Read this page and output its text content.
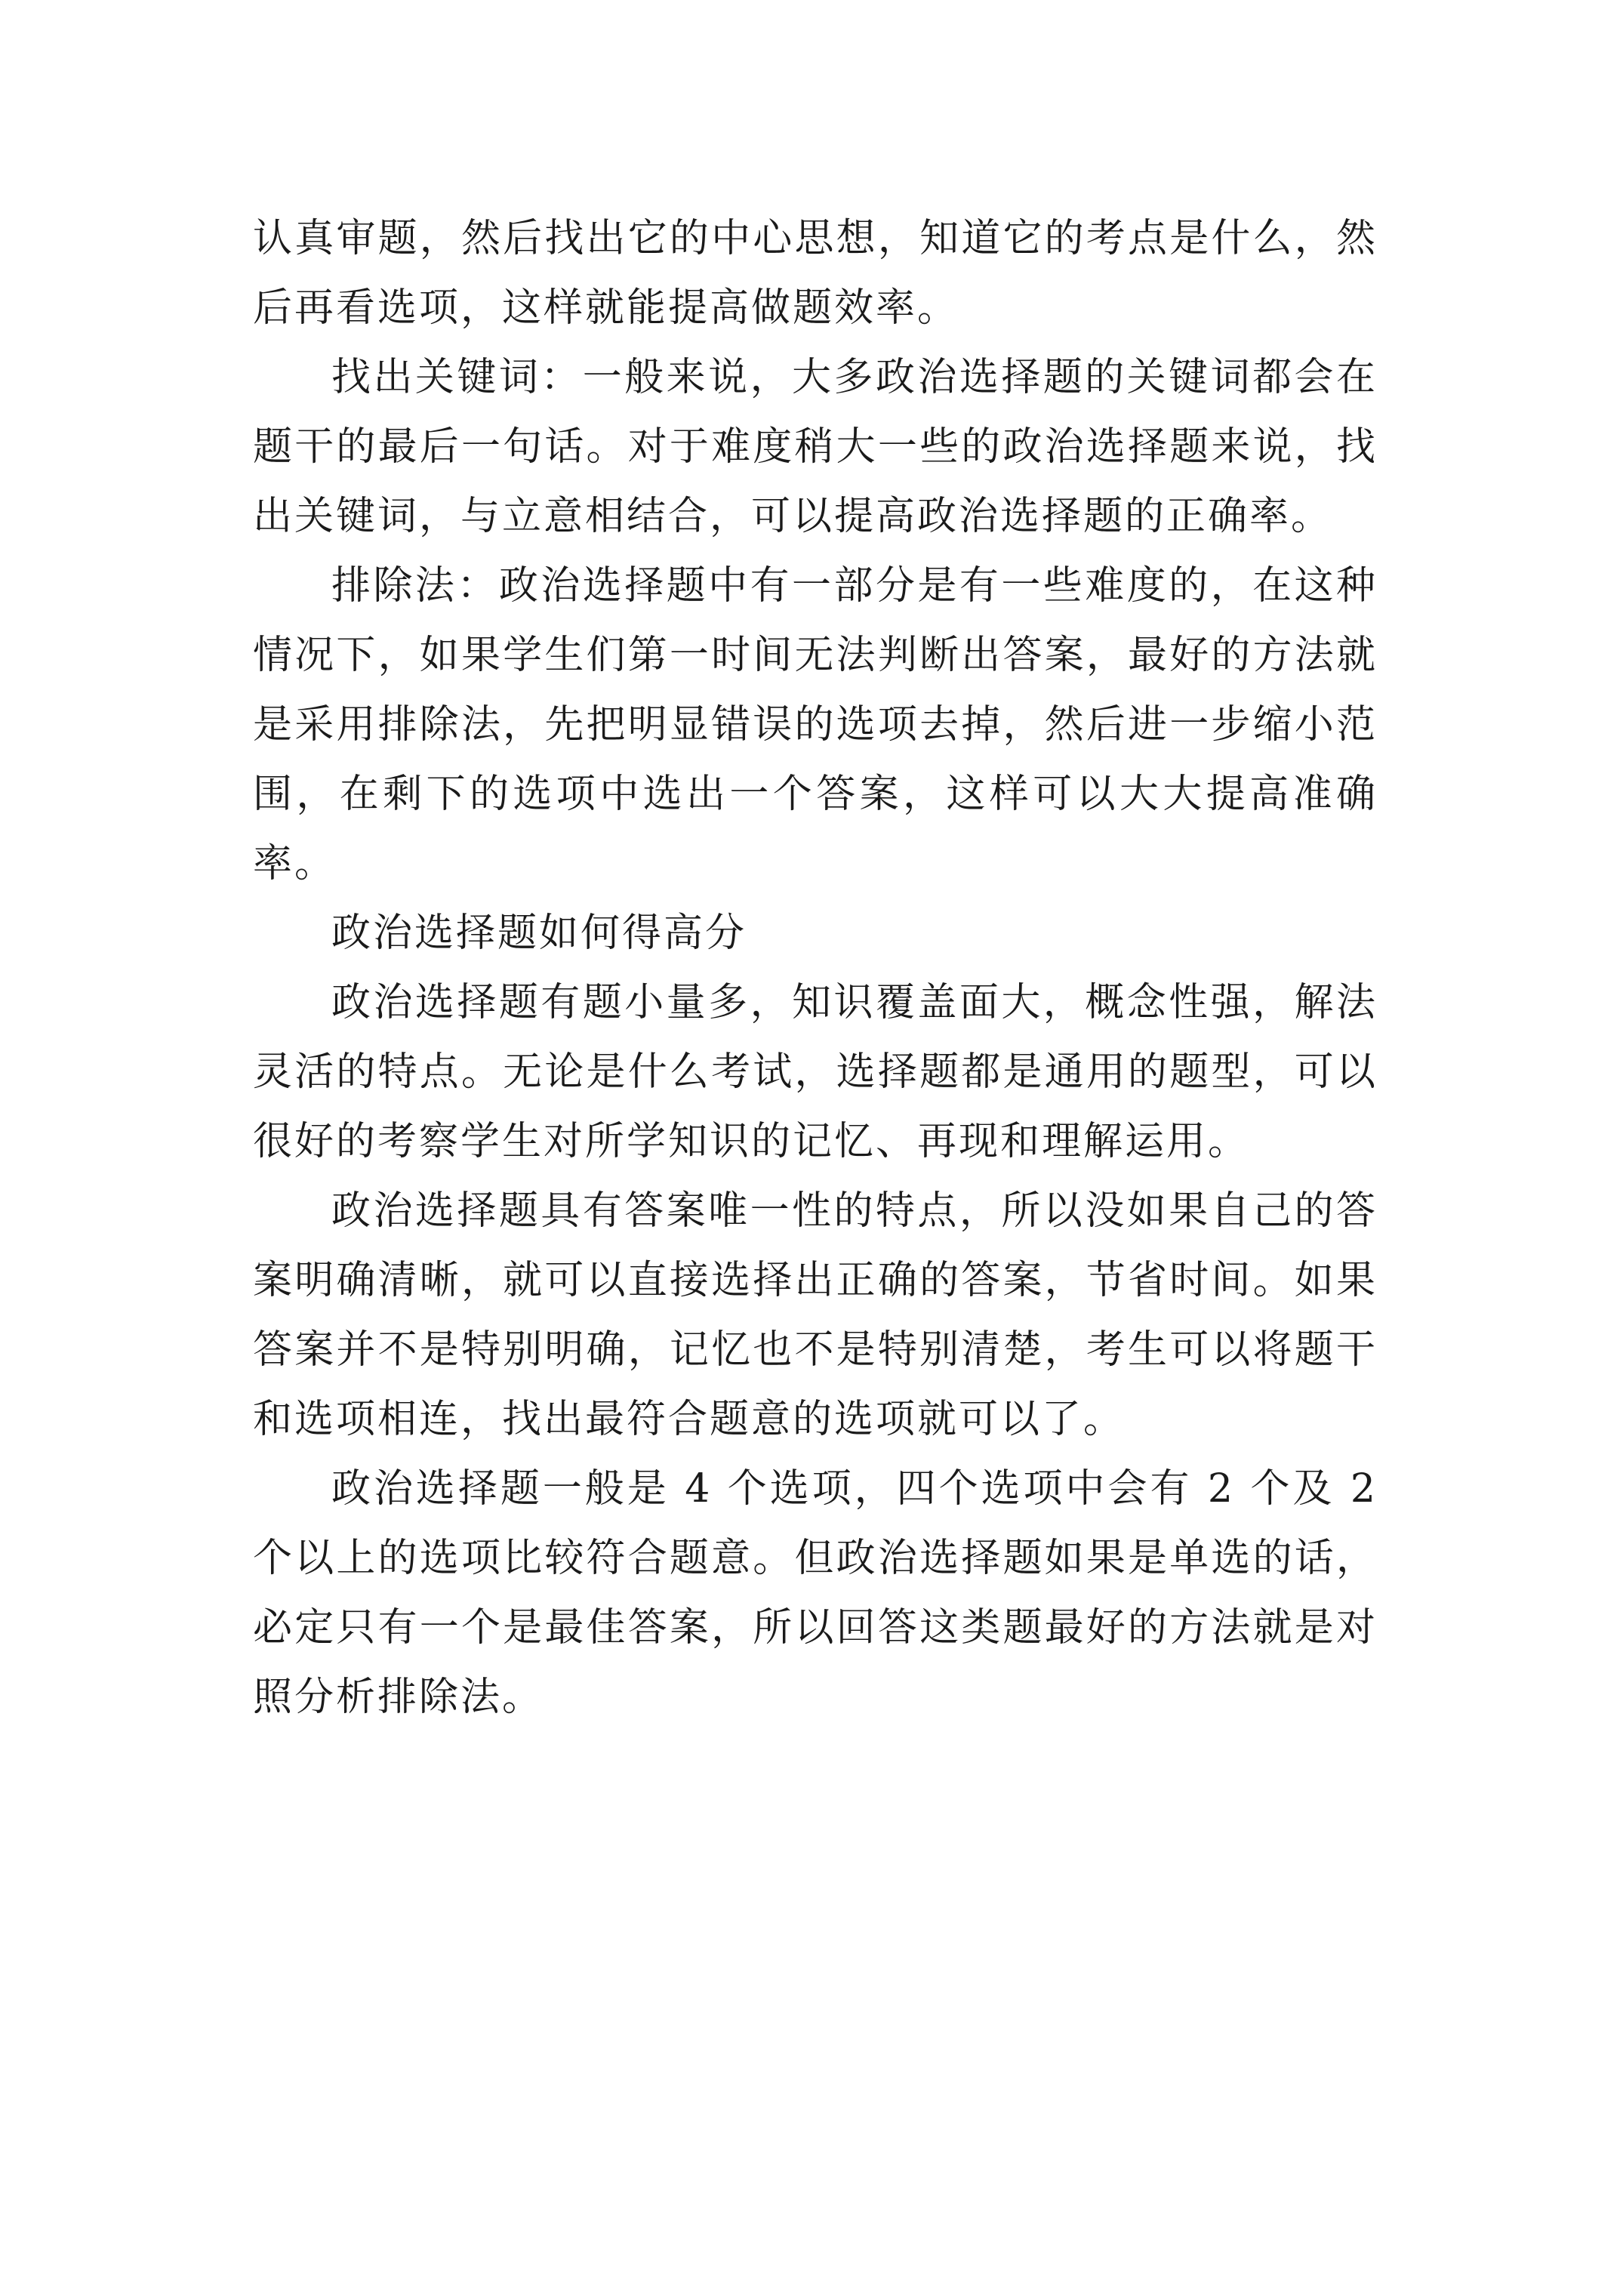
认真审题，然后找出它的中心思想，知道它的考点是什么，然后再看选项，这样就能提高做题效率。

找出关键词：一般来说，大多政治选择题的关键词都会在题干的最后一句话。对于难度稍大一些的政治选择题来说，找出关键词，与立意相结合，可以提高政治选择题的正确率。

排除法：政治选择题中有一部分是有一些难度的，在这种情况下，如果学生们第一时间无法判断出答案，最好的方法就是采用排除法，先把明显错误的选项去掉，然后进一步缩小范围，在剩下的选项中选出一个答案，这样可以大大提高准确率。

政治选择题如何得高分

政治选择题有题小量多，知识覆盖面大，概念性强，解法灵活的特点。无论是什么考试，选择题都是通用的题型，可以很好的考察学生对所学知识的记忆、再现和理解运用。

政治选择题具有答案唯一性的特点，所以没如果自己的答案明确清晰，就可以直接选择出正确的答案，节省时间。如果答案并不是特别明确，记忆也不是特别清楚，考生可以将题干和选项相连，找出最符合题意的选项就可以了。

政治选择题一般是 4 个选项，四个选项中会有 2 个及 2 个以上的选项比较符合题意。但政治选择题如果是单选的话，必定只有一个是最佳答案，所以回答这类题最好的方法就是对照分析排除法。
